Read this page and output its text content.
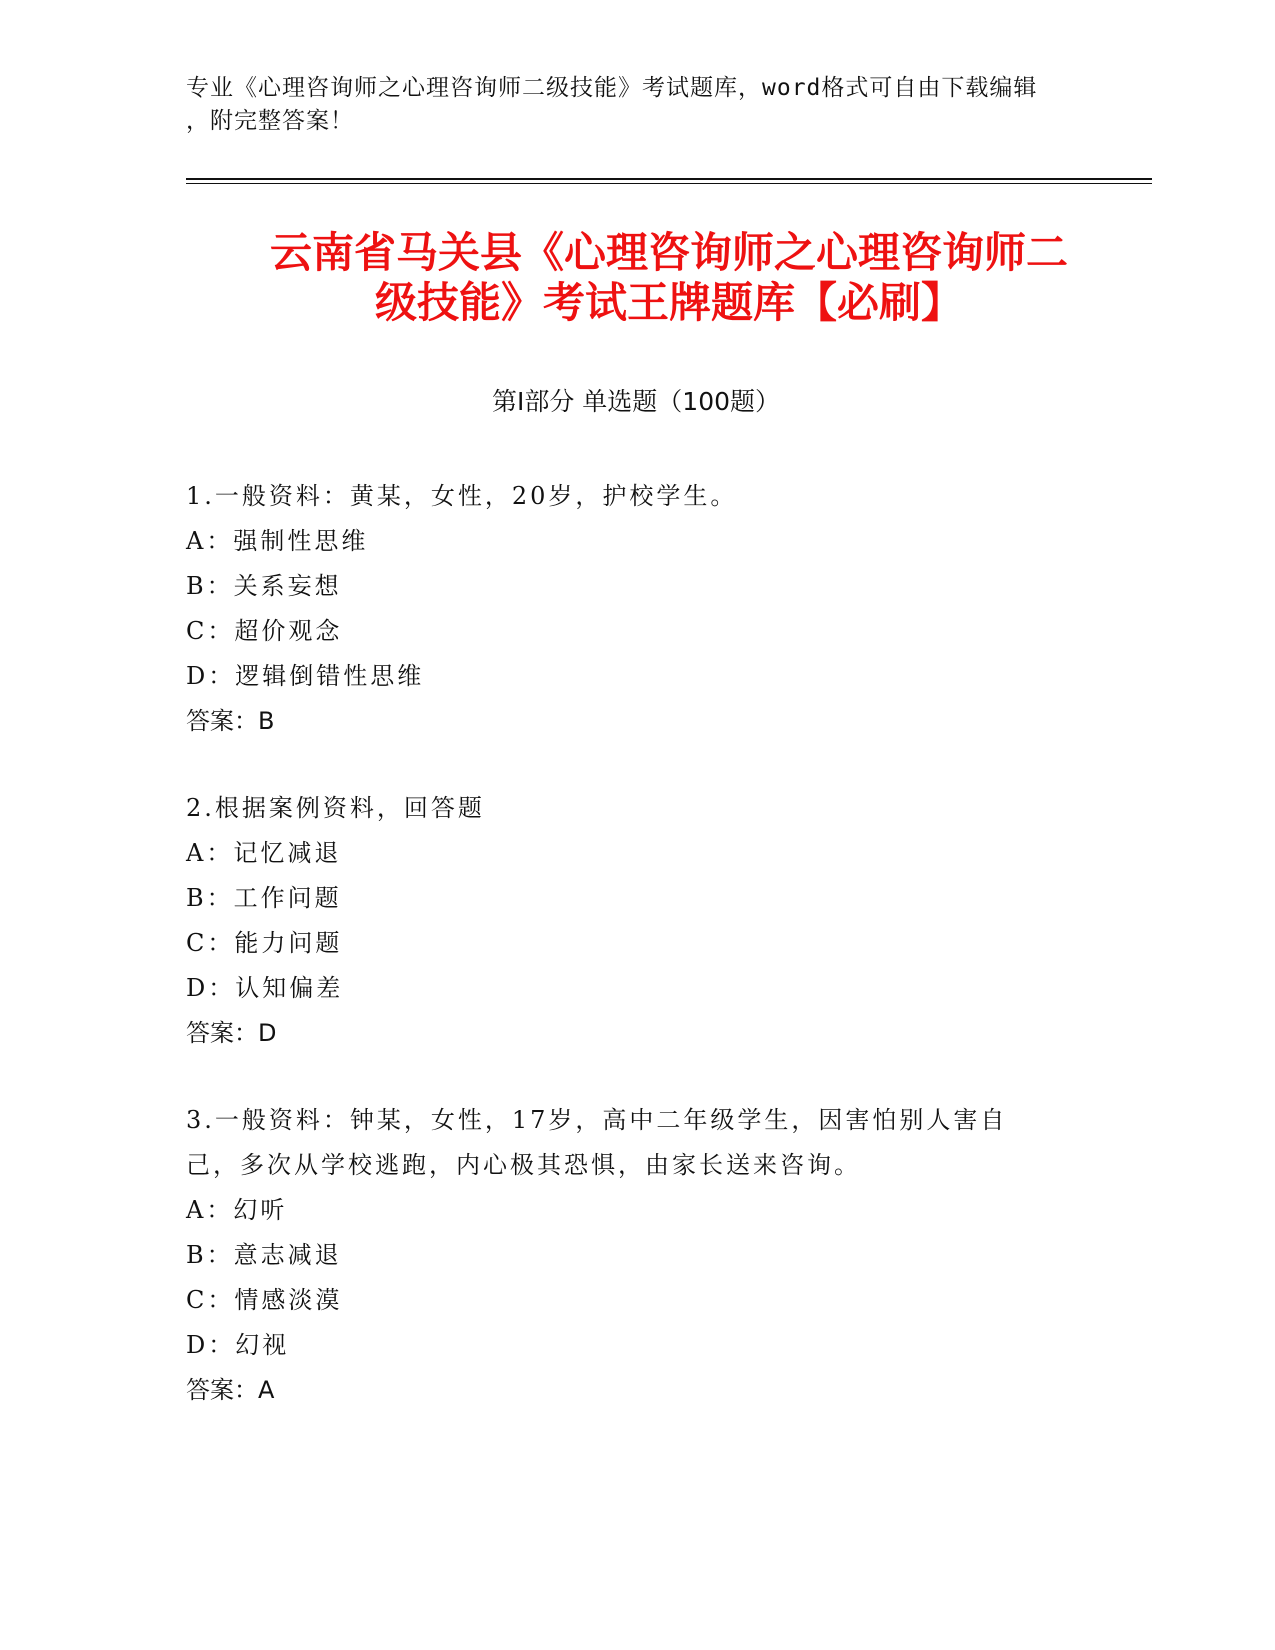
专业《心理咨询师之心理咨询师二级技能》考试题库，word格式可自由下载编辑
，附完整答案！
云南省马关县《心理咨询师之心理咨询师二
级技能》考试王牌题库【必刷】
第Ⅰ部分 单选题（100题）

1.一般资料：黄某，女性，20岁，护校学生。

A：强制性思维

B：关系妄想

C：超价观念

D：逻辑倒错性思维

答案：B

2.根据案例资料，回答题

A：记忆减退

B：工作问题

C：能力问题

D：认知偏差

答案：D

3.一般资料：钟某，女性，17岁，高中二年级学生，因害怕别人害自

己，多次从学校逃跑，内心极其恐惧，由家长送来咨询。

A：幻听

B：意志减退

C：情感淡漠

D：幻视

答案：A
